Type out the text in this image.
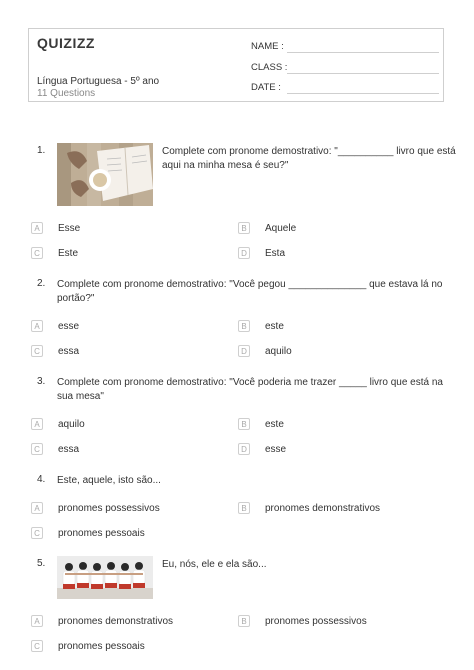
QUIZIZZ
Língua Portuguesa - 5º ano
11 Questions
NAME :
CLASS :
DATE :
1.	Complete com pronome demostrativo: "__________ livro que está
aqui na minha mesa é seu?"
A	Esse	B	Aquele
C	Este	D	Esta
2. Complete com pronome demostrativo: "Você pegou ______________ que estava lá no
portão?"
A	esse	B	este
C	essa	D	aquilo
3. Complete com pronome demostrativo: "Você poderia me trazer _____ livro que está na
sua mesa"
A	aquilo	B	este
C	essa	D	esse
4. Este, aquele, isto são...
A	pronomes possessivos	B	pronomes demonstrativos
C	pronomes pessoais
5.	Eu, nós, ele e ela são...
A	pronomes demonstrativos	B	pronomes possessivos
C	pronomes pessoais
